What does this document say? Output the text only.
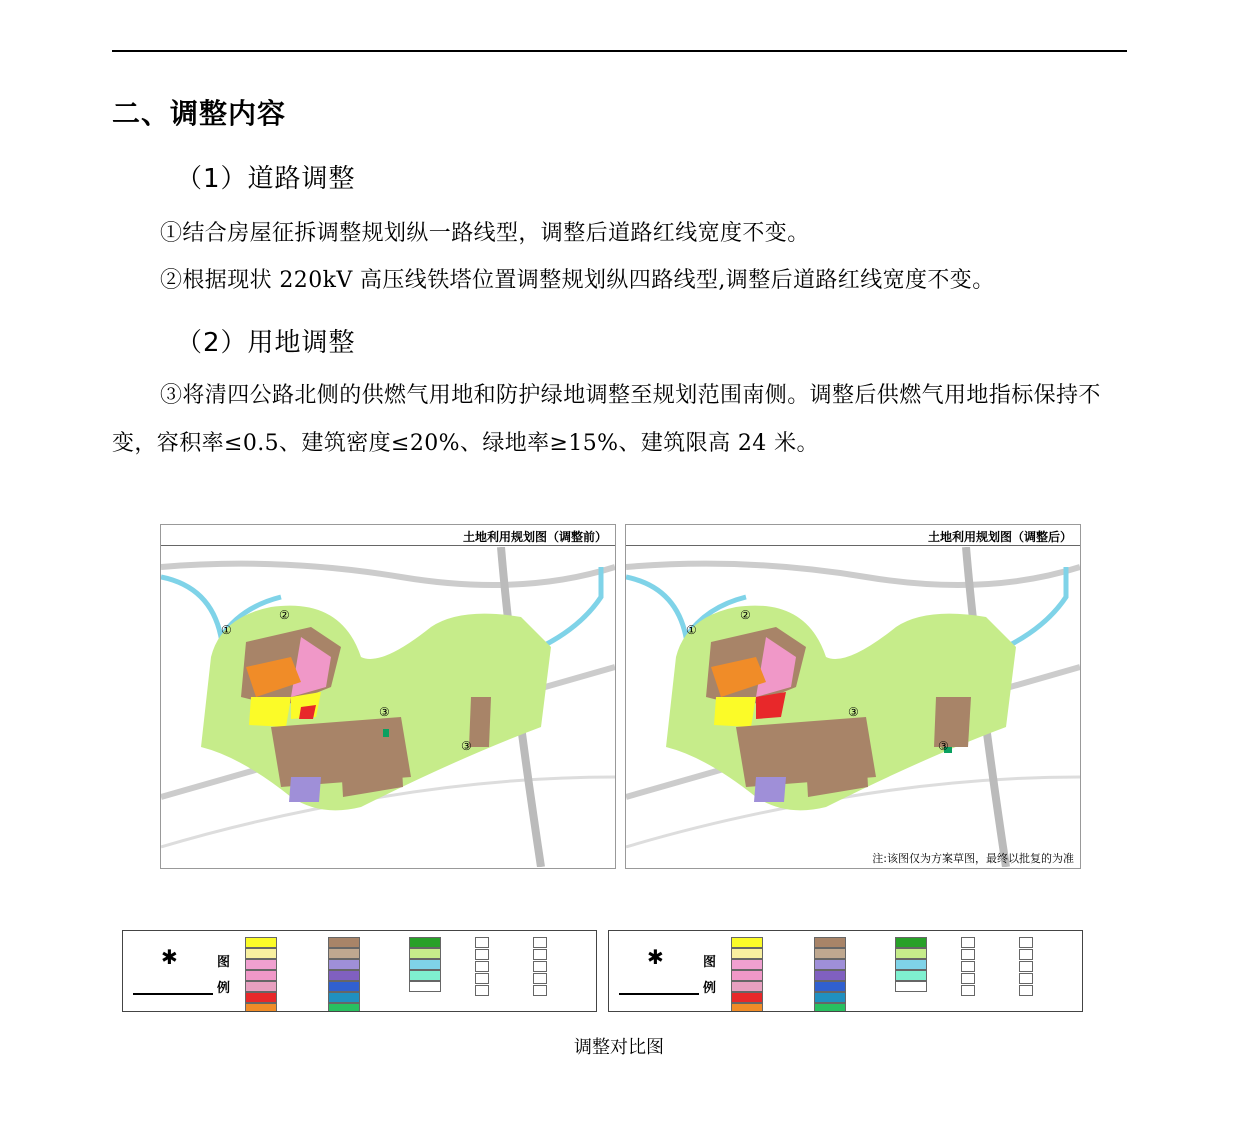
二、调整内容
（1）道路调整
①结合房屋征拆调整规划纵一路线型，调整后道路红线宽度不变。
②根据现状 220kV 高压线铁塔位置调整规划纵四路线型,调整后道路红线宽度不变。
（2）用地调整
③将清四公路北侧的供燃气用地和防护绿地调整至规划范围南侧。调整后供燃气用地指标保持不变，容积率≤0.5、建筑密度≤20%、绿地率≥15%、建筑限高 24 米。
土地利用规划图（调整前）
①
②
③
③
土地利用规划图（调整后）
①
②
③
③
注:该图仅为方案草图，最终以批复的为准
✱	图
例
✱	图
例
调整对比图
